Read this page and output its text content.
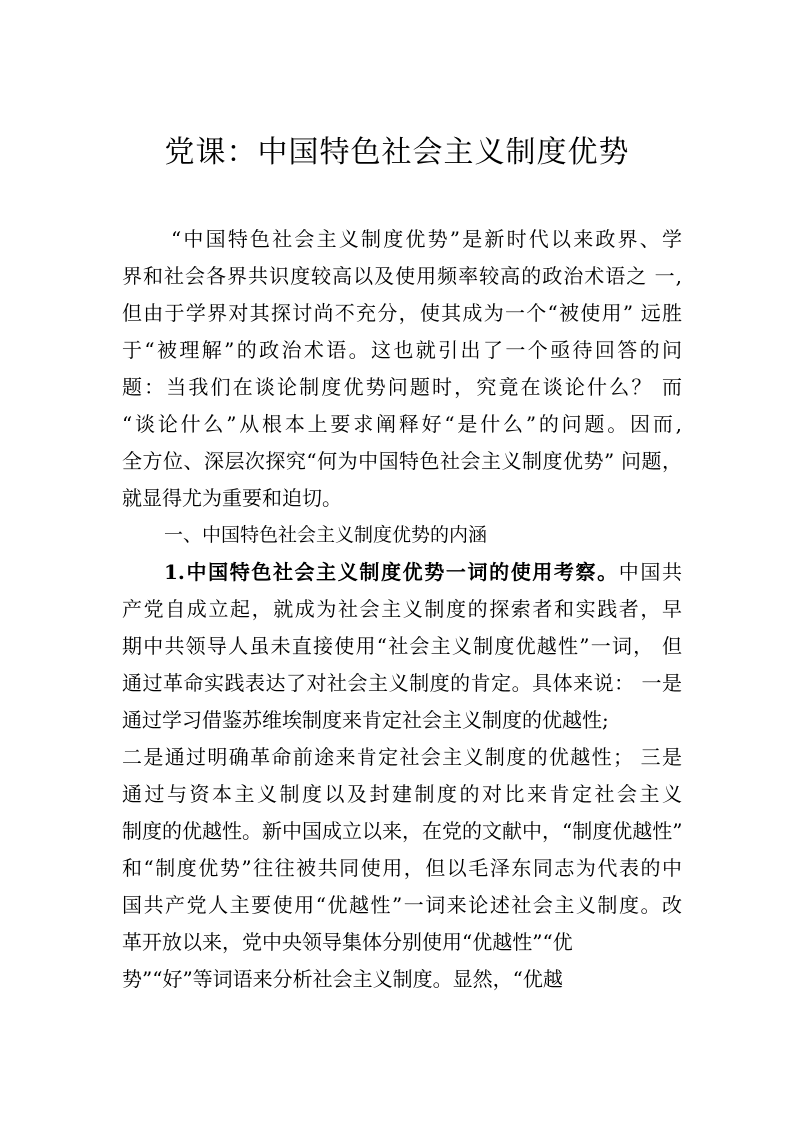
党课：中国特色社会主义制度优势
“中国特色社会主义制度优势”是新时代以来政界、学
界和社会各界共识度较高以及使用频率较高的政治术语之 一,
但由于学界对其探讨尚不充分，使其成为一个“被使用” 远胜
于“被理解”的政治术语。这也就引出了一个亟待回答的问
题：当我们在谈论制度优势问题时，究竟在谈论什么？ 而
“谈论什么”从根本上要求阐释好“是什么”的问题。因而,
全方位、深层次探究“何为中国特色社会主义制度优势” 问题，
就显得尤为重要和迫切。
一、中国特色社会主义制度优势的内涵
1.中国特色社会主义制度优势一词的使用考察。中国共
产党自成立起，就成为社会主义制度的探索者和实践者，早
期中共领导人虽未直接使用“社会主义制度优越性”一词， 但
通过革命实践表达了对社会主义制度的肯定。具体来说： 一是
通过学习借鉴苏维埃制度来肯定社会主义制度的优越性;
二是通过明确革命前途来肯定社会主义制度的优越性； 三是
通过与资本主义制度以及封建制度的对比来肯定社会主义
制度的优越性。新中国成立以来，在党的文献中，“制度优越性”
和“制度优势”往往被共同使用，但以毛泽东同志为代表的中
国共产党人主要使用“优越性”一词来论述社会主义制度。改
革开放以来，党中央领导集体分别使用“优越性”“优
势”“好”等词语来分析社会主义制度。显然，“优越
